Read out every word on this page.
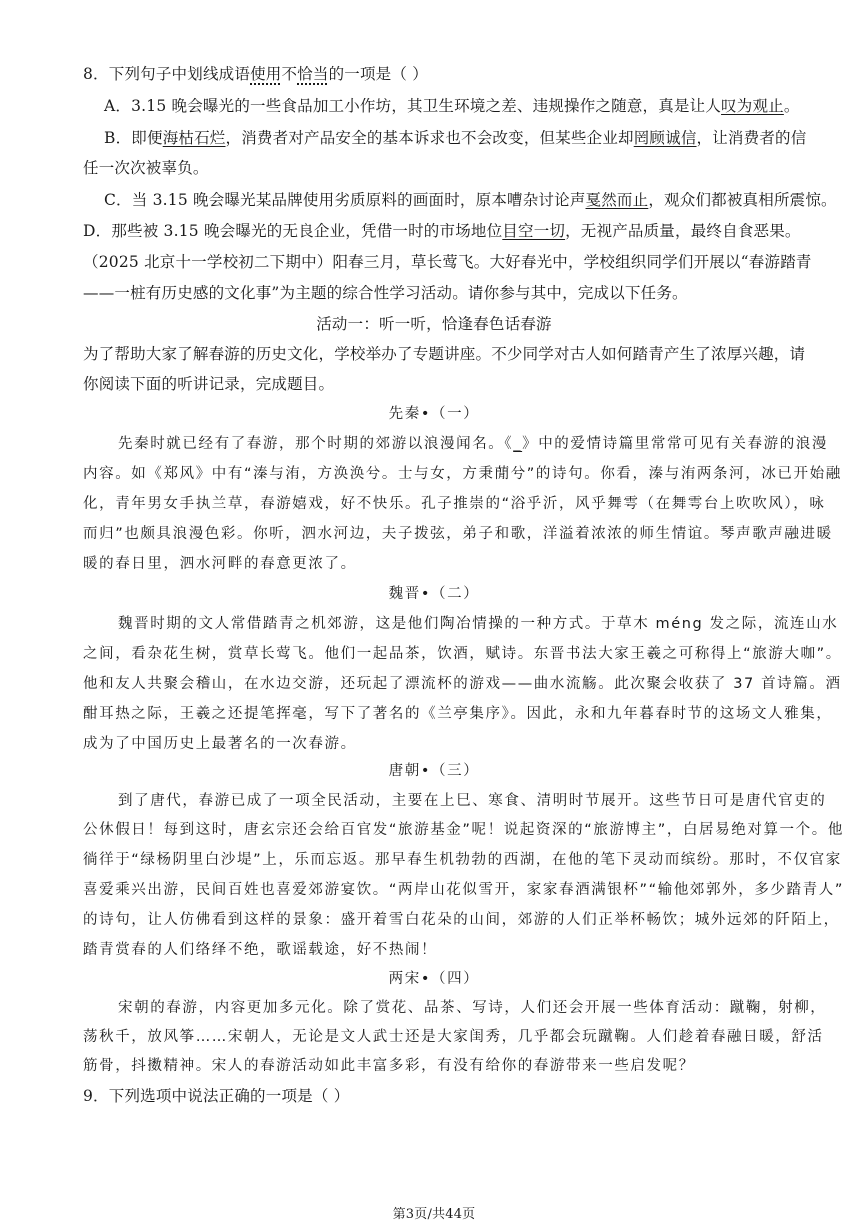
8．下列句子中划线成语使用不恰当的一项是（ ）
A．3.15 晚会曝光的一些食品加工小作坊，其卫生环境之差、违规操作之随意，真是让人叹为观止。
B．即便海枯石烂，消费者对产品安全的基本诉求也不会改变，但某些企业却罔顾诚信，让消费者的信
任一次次被辜负。
C．当 3.15 晚会曝光某品牌使用劣质原料的画面时，原本嘈杂讨论声戛然而止，观众们都被真相所震惊。
D．那些被 3.15 晚会曝光的无良企业，凭借一时的市场地位目空一切，无视产品质量，最终自食恶果。
（2025 北京十一学校初二下期中）阳春三月，草长莺飞。大好春光中，学校组织同学们开展以“春游踏青
——一桩有历史感的文化事”为主题的综合性学习活动。请你参与其中，完成以下任务。
活动一：听一听，恰逢春色话春游
为了帮助大家了解春游的历史文化，学校举办了专题讲座。不少同学对古人如何踏青产生了浓厚兴趣，请
你阅读下面的听讲记录，完成题目。
先秦•（一）
先秦时就已经有了春游，那个时期的郊游以浪漫闻名。《_》中的爱情诗篇里常常可见有关春游的浪漫
内容。如《郑风》中有“溱与洧，方涣涣兮。士与女，方秉蕑兮”的诗句。你看，溱与洧两条河，冰已开始融
化，青年男女手执兰草，春游嬉戏，好不快乐。孔子推崇的“浴乎沂，风乎舞雩（在舞雩台上吹吹风），咏
而归”也颇具浪漫色彩。你听，泗水河边，夫子拨弦，弟子和歌，洋溢着浓浓的师生情谊。琴声歌声融进暖
暖的春日里，泗水河畔的春意更浓了。
魏晋•（二）
魏晋时期的文人常借踏青之机郊游，这是他们陶冶情操的一种方式。于草木 méng 发之际，流连山水
之间，看杂花生树，赏草长莺飞。他们一起品茶，饮酒，赋诗。东晋书法大家王羲之可称得上“旅游大咖”。
他和友人共聚会稽山，在水边交游，还玩起了漂流杯的游戏——曲水流觞。此次聚会收获了 37 首诗篇。酒
酣耳热之际，王羲之还提笔挥毫，写下了著名的《兰亭集序》。因此，永和九年暮春时节的这场文人雅集，
成为了中国历史上最著名的一次春游。
唐朝•（三）
到了唐代，春游已成了一项全民活动，主要在上巳、寒食、清明时节展开。这些节日可是唐代官吏的
公休假日！每到这时，唐玄宗还会给百官发“旅游基金”呢！说起资深的“旅游博主”，白居易绝对算一个。他
徜徉于“绿杨阴里白沙堤”上，乐而忘返。那早春生机勃勃的西湖，在他的笔下灵动而缤纷。那时，不仅官家
喜爱乘兴出游，民间百姓也喜爱郊游宴饮。“两岸山花似雪开，家家春酒满银杯”“输他郊郭外，多少踏青人”
的诗句，让人仿佛看到这样的景象：盛开着雪白花朵的山间，郊游的人们正举杯畅饮；城外远郊的阡陌上，
踏青赏春的人们络绎不绝，歌谣载途，好不热闹！
两宋•（四）
宋朝的春游，内容更加多元化。除了赏花、品茶、写诗，人们还会开展一些体育活动：蹴鞠，射柳，
荡秋千，放风筝……宋朝人，无论是文人武士还是大家闺秀，几乎都会玩蹴鞠。人们趁着春融日暖，舒活
筋骨，抖擞精神。宋人的春游活动如此丰富多彩，有没有给你的春游带来一些启发呢？
9．下列选项中说法正确的一项是（ ）
第3页/共44页
